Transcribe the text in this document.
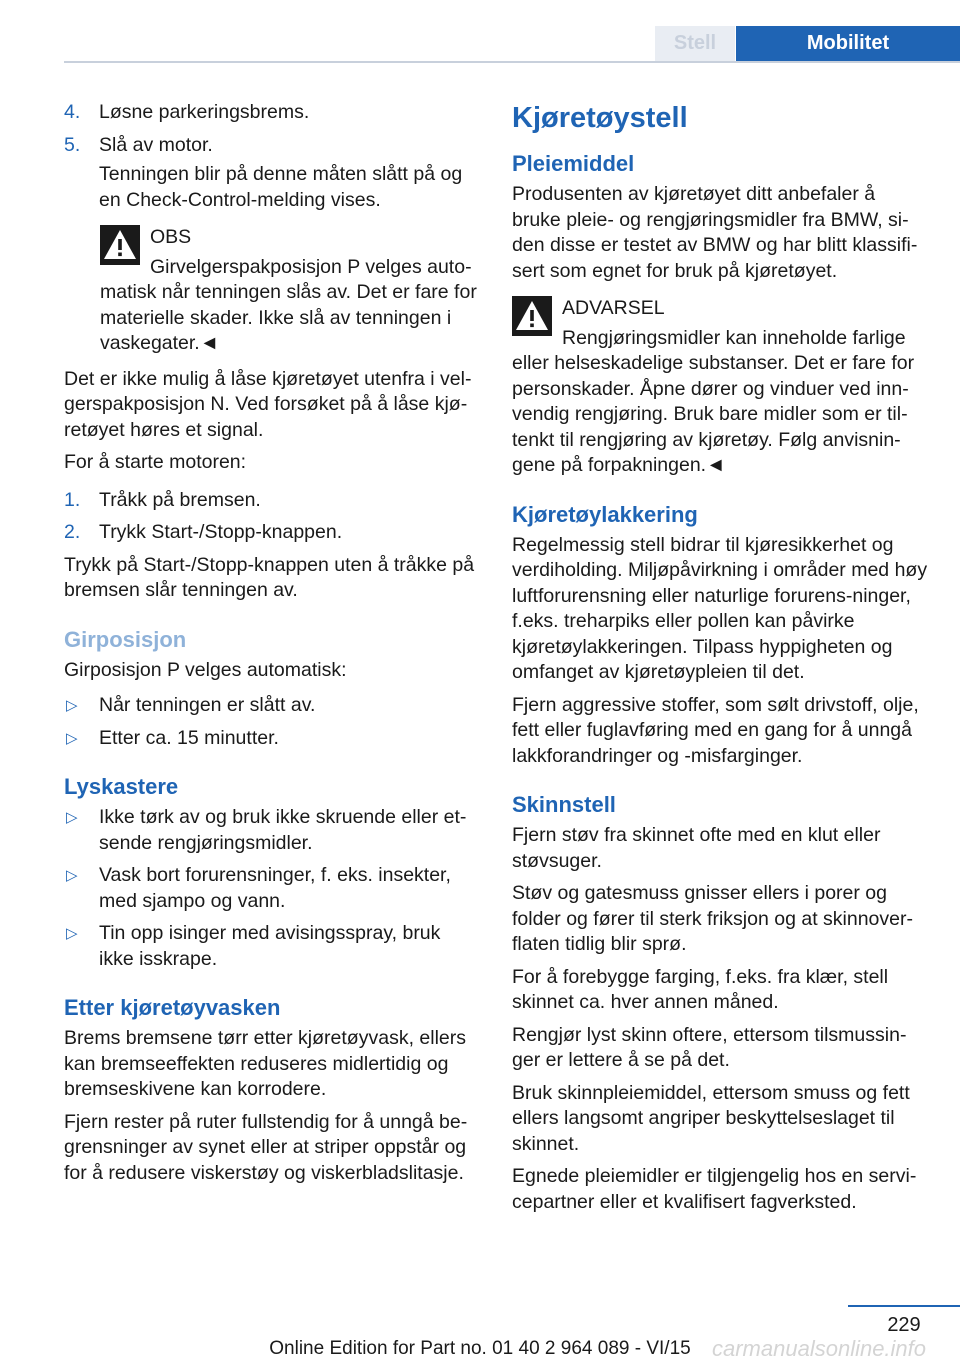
Stell	Mobilitet
4. Løsne parkeringsbrems.
5. Slå av motor.
Tenningen blir på denne måten slått på og en Check-Control-melding vises.
OBS
Girvelgerspakposisjon P velges auto-
matisk når tenningen slås av. Det er fare for materielle skader. Ikke slå av tenningen i vaskegater.◄

Det er ikke mulig å låse kjøretøyet utenfra i vel-gerspakposisjon N. Ved forsøket på å låse kjø-retøyet høres et signal.

For å starte motoren:

1. Tråkk på bremsen.
2. Trykk Start-/Stopp-knappen.

Trykk på Start-/Stopp-knappen uten å tråkke på bremsen slår tenningen av.

Girposisjon

Girposisjon P velges automatisk:

▷ Når tenningen er slått av.
▷ Etter ca. 15 minutter.
Lyskastere
▷ Ikke tørk av og bruk ikke skruende eller et-sende rengjøringsmidler.
▷ Vask bort forurensninger, f. eks. insekter, med sjampo og vann.
▷ Tin opp isinger med avisingsspray, bruk ikke isskrape.
Etter kjøretøyvasken

Brems bremsene tørr etter kjøretøyvask, ellers kan bremseeffekten reduseres midlertidig og bremseskivene kan korrodere.

Fjern rester på ruter fullstendig for å unngå be-grensninger av synet eller at striper oppstår og for å redusere viskerstøy og viskerbladslitasje.

Kjøretøystell
Pleiemiddel

Produsenten av kjøretøyet ditt anbefaler å bruke pleie- og rengjøringsmidler fra BMW, si-den disse er testet av BMW og har blitt klassifi-sert som egnet for bruk på kjøretøyet.

ADVARSEL
Rengjøringsmidler kan inneholde farlige
eller helseskadelige substanser. Det er fare for personskader. Åpne dører og vinduer ved inn-vendig rengjøring. Bruk bare midler som er til-tenkt til rengjøring av kjøretøy. Følg anvisnin-gene på forpakningen.◄
Kjøretøylakkering

Regelmessig stell bidrar til kjøresikkerhet og verdiholding. Miljøpåvirkning i områder med høy luftforurensning eller naturlige forurens-ninger, f.eks. treharpiks eller pollen kan påvirke kjøretøylakkeringen. Tilpass hyppigheten og omfanget av kjøretøypleien til det.

Fjern aggressive stoffer, som sølt drivstoff, olje, fett eller fuglavføring med en gang for å unngå lakkforandringer og -misfarginger.

Skinnstell

Fjern støv fra skinnet ofte med en klut eller støvsuger.

Støv og gatesmuss gnisser ellers i porer og folder og fører til sterk friksjon og at skinnover-flaten tidlig blir sprø.

For å forebygge farging, f.eks. fra klær, stell skinnet ca. hver annen måned.

Rengjør lyst skinn oftere, ettersom tilsmussin-ger er lettere å se på det.

Bruk skinnpleiemiddel, ettersom smuss og fett ellers langsomt angriper beskyttelseslaget til skinnet.

Egnede pleiemidler er tilgjengelig hos en servi-cepartner eller et kvalifisert fagverksted.

229
Online Edition for Part no. 01 40 2 964 089 - VI/15 carmanualsonline.info
